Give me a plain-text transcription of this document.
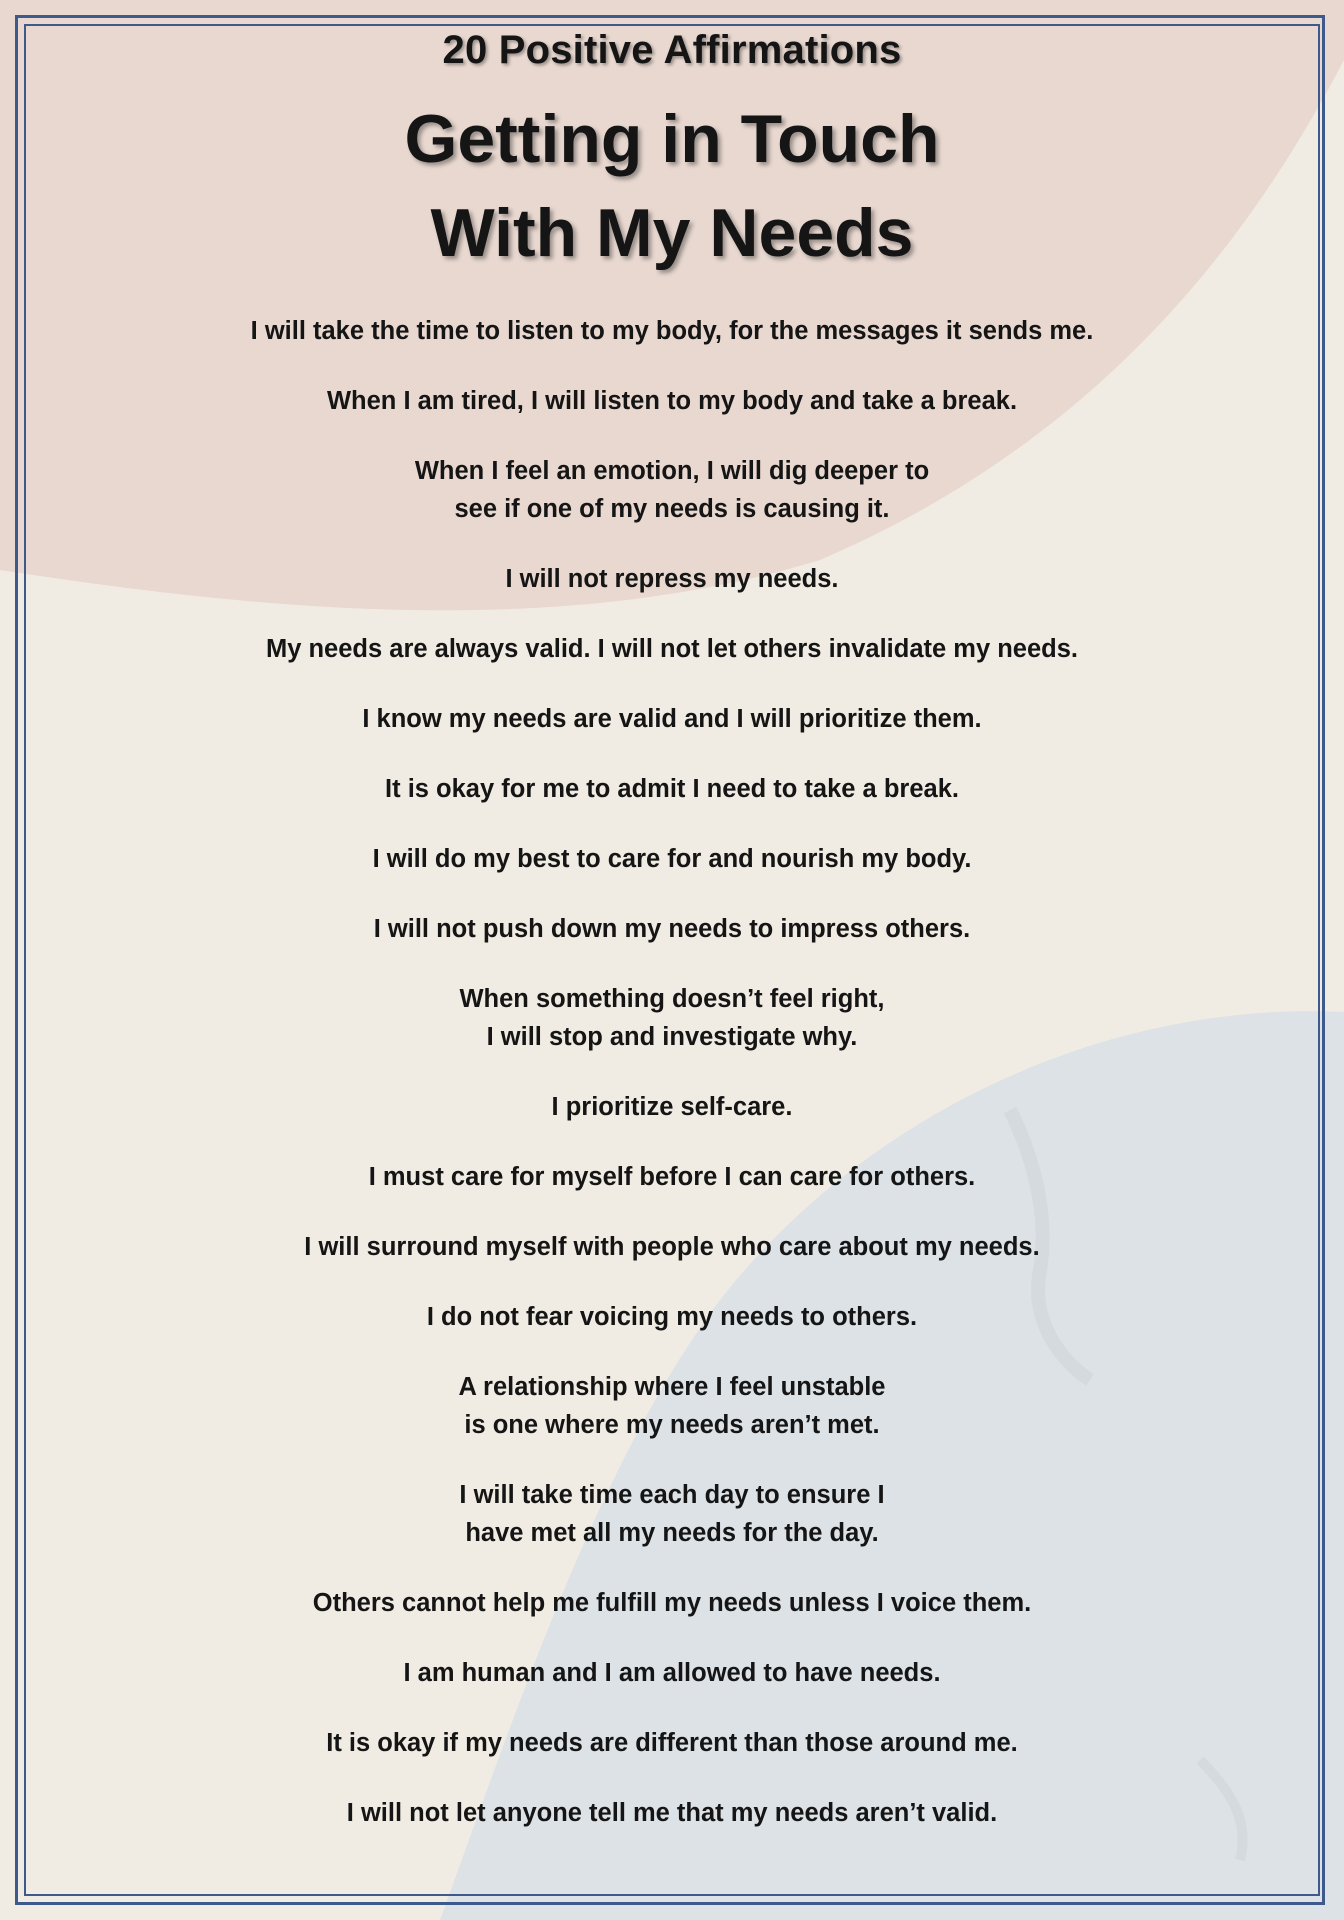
20 Positive Affirmations
Getting in Touch
With My Needs
I will take the time to listen to my body, for the messages it sends me.
When I am tired, I will listen to my body and take a break.
When I feel an emotion, I will dig deeper to
see if one of my needs is causing it.
I will not repress my needs.
My needs are always valid. I will not let others invalidate my needs.
I know my needs are valid and I will prioritize them.
It is okay for me to admit I need to take a break.
I will do my best to care for and nourish my body.
I will not push down my needs to impress others.
When something doesn’t feel right,
I will stop and investigate why.
I prioritize self-care.
I must care for myself before I can care for others.
I will surround myself with people who care about my needs.
I do not fear voicing my needs to others.
A relationship where I feel unstable
is one where my needs aren’t met.
I will take time each day to ensure I
have met all my needs for the day.
Others cannot help me fulfill my needs unless I voice them.
I am human and I am allowed to have needs.
It is okay if my needs are different than those around me.
I will not let anyone tell me that my needs aren’t valid.
